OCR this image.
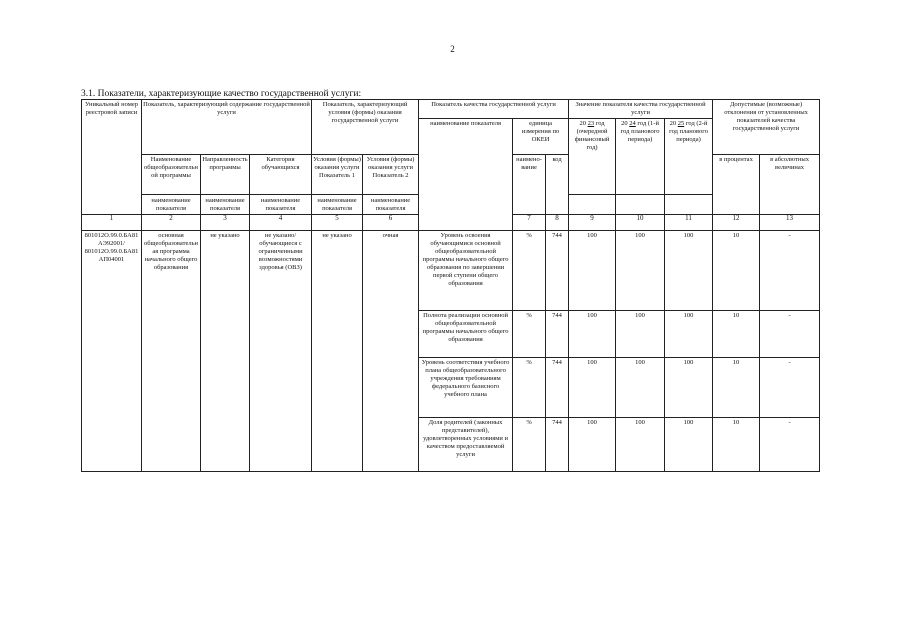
2
3.1. Показатели, характеризующие качество государственной услуги:
Уникальный номер реестровой записи	Показатель, характеризующий содержание государственной услуги			Показатель, характеризующий условия (формы) оказания государственной услуги		Показатель качества государственной услуги			Значение показателя качества государственной услуги			Допустимые (возможные) отклонения от установленных показателей качества государственной услуги		
						наименование показателя	единица измерения по ОКЕИ		20 23 год (очередной финансовый год)	20 24 год (1-й год планового периода)	20 25 год (2-й год планового периода)			
	Наименование общеобразовательной программы	Направленность программы	Категория обучающихся	Условия (формы) оказания услуги Показатель 1	Условия (формы) оказания услуги Показатель 2		наимено-вание	код				в процентах	в абсолютных величинах	
	наименование показателя	наименование показателя	наименование показателя	наименование показателя	наименование показателя									
1	2	3	4	5	6		7	8	9	10	11	12	13	
801012О.99.0.БА81АЭ92001/ 801012О.99.0.БА81АП04001	основная общеобразовательная программа начального общего образования	не указано	не указано/ обучающиеся с ограниченными возможностями здоровья (ОВЗ)	не указано	очная	Уровень освоения обучающимися основной общеобразовательной программы начального общего образования по завершении первой ступени общего образования	%	744	100	100	100	10	-	
						Полнота реализации основной общеобразовательной программы начального общего образования	%	744	100	100	100	10	-	
						Уровень соответствия учебного плана общеобразовательного учреждения требованиям федерального базисного учебного плана	%	744	100	100	100	10	-	
						Доля родителей (законных представителей), удовлетворенных условиями и качеством предоставляемой услуги	%	744	100	100	100	10	-	
